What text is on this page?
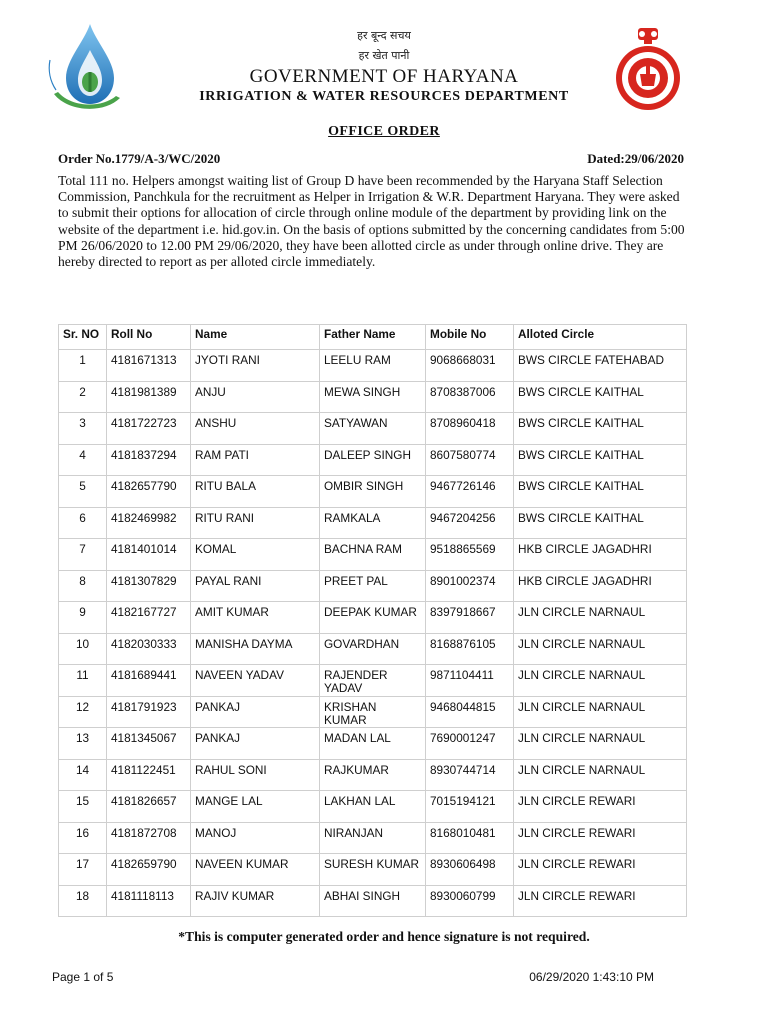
हर बून्द सचय
हर खेत पानी
GOVERNMENT OF HARYANA
IRRIGATION & WATER RESOURCES DEPARTMENT
OFFICE ORDER
Order No.1779/A-3/WC/2020	Dated:29/06/2020
Total 111 no. Helpers amongst waiting list of Group D have been recommended by the Haryana Staff Selection Commission, Panchkula for the recruitment as Helper in Irrigation & W.R. Department Haryana. They were asked to submit their options for allocation of circle through online module of the department by providing link on the website of the department i.e. hid.gov.in. On the basis of options submitted by the concerning candidates from 5:00 PM 26/06/2020 to 12.00 PM 29/06/2020, they have been allotted circle as under through online drive. They are hereby directed to report as per alloted circle immediately.
Sr. NO	Roll No	Name	Father Name	Mobile No	Alloted Circle
1	4181671313	JYOTI RANI	LEELU RAM	9068668031	BWS CIRCLE FATEHABAD
2	4181981389	ANJU	MEWA SINGH	8708387006	BWS CIRCLE KAITHAL
3	4181722723	ANSHU	SATYAWAN	8708960418	BWS CIRCLE KAITHAL
4	4181837294	RAM PATI	DALEEP SINGH	8607580774	BWS CIRCLE KAITHAL
5	4182657790	RITU BALA	OMBIR SINGH	9467726146	BWS CIRCLE KAITHAL
6	4182469982	RITU RANI	RAMKALA	9467204256	BWS CIRCLE KAITHAL
7	4181401014	KOMAL	BACHNA RAM	9518865569	HKB CIRCLE JAGADHRI
8	4181307829	PAYAL RANI	PREET PAL	8901002374	HKB CIRCLE JAGADHRI
9	4182167727	AMIT KUMAR	DEEPAK KUMAR	8397918667	JLN CIRCLE NARNAUL
10	4182030333	MANISHA DAYMA	GOVARDHAN	8168876105	JLN CIRCLE NARNAUL
11	4181689441	NAVEEN YADAV	RAJENDER YADAV	9871104411	JLN CIRCLE NARNAUL
12	4181791923	PANKAJ	KRISHAN KUMAR	9468044815	JLN CIRCLE NARNAUL
13	4181345067	PANKAJ	MADAN LAL	7690001247	JLN CIRCLE NARNAUL
14	4181122451	RAHUL SONI	RAJKUMAR	8930744714	JLN CIRCLE NARNAUL
15	4181826657	MANGE LAL	LAKHAN LAL	7015194121	JLN CIRCLE REWARI
16	4181872708	MANOJ	NIRANJAN	8168010481	JLN CIRCLE REWARI
17	4182659790	NAVEEN KUMAR	SURESH KUMAR	8930606498	JLN CIRCLE REWARI
18	4181118113	RAJIV KUMAR	ABHAI SINGH	8930060799	JLN CIRCLE REWARI
*This is computer generated order and hence signature is not required.
Page 1 of 5	06/29/2020 1:43:10 PM
